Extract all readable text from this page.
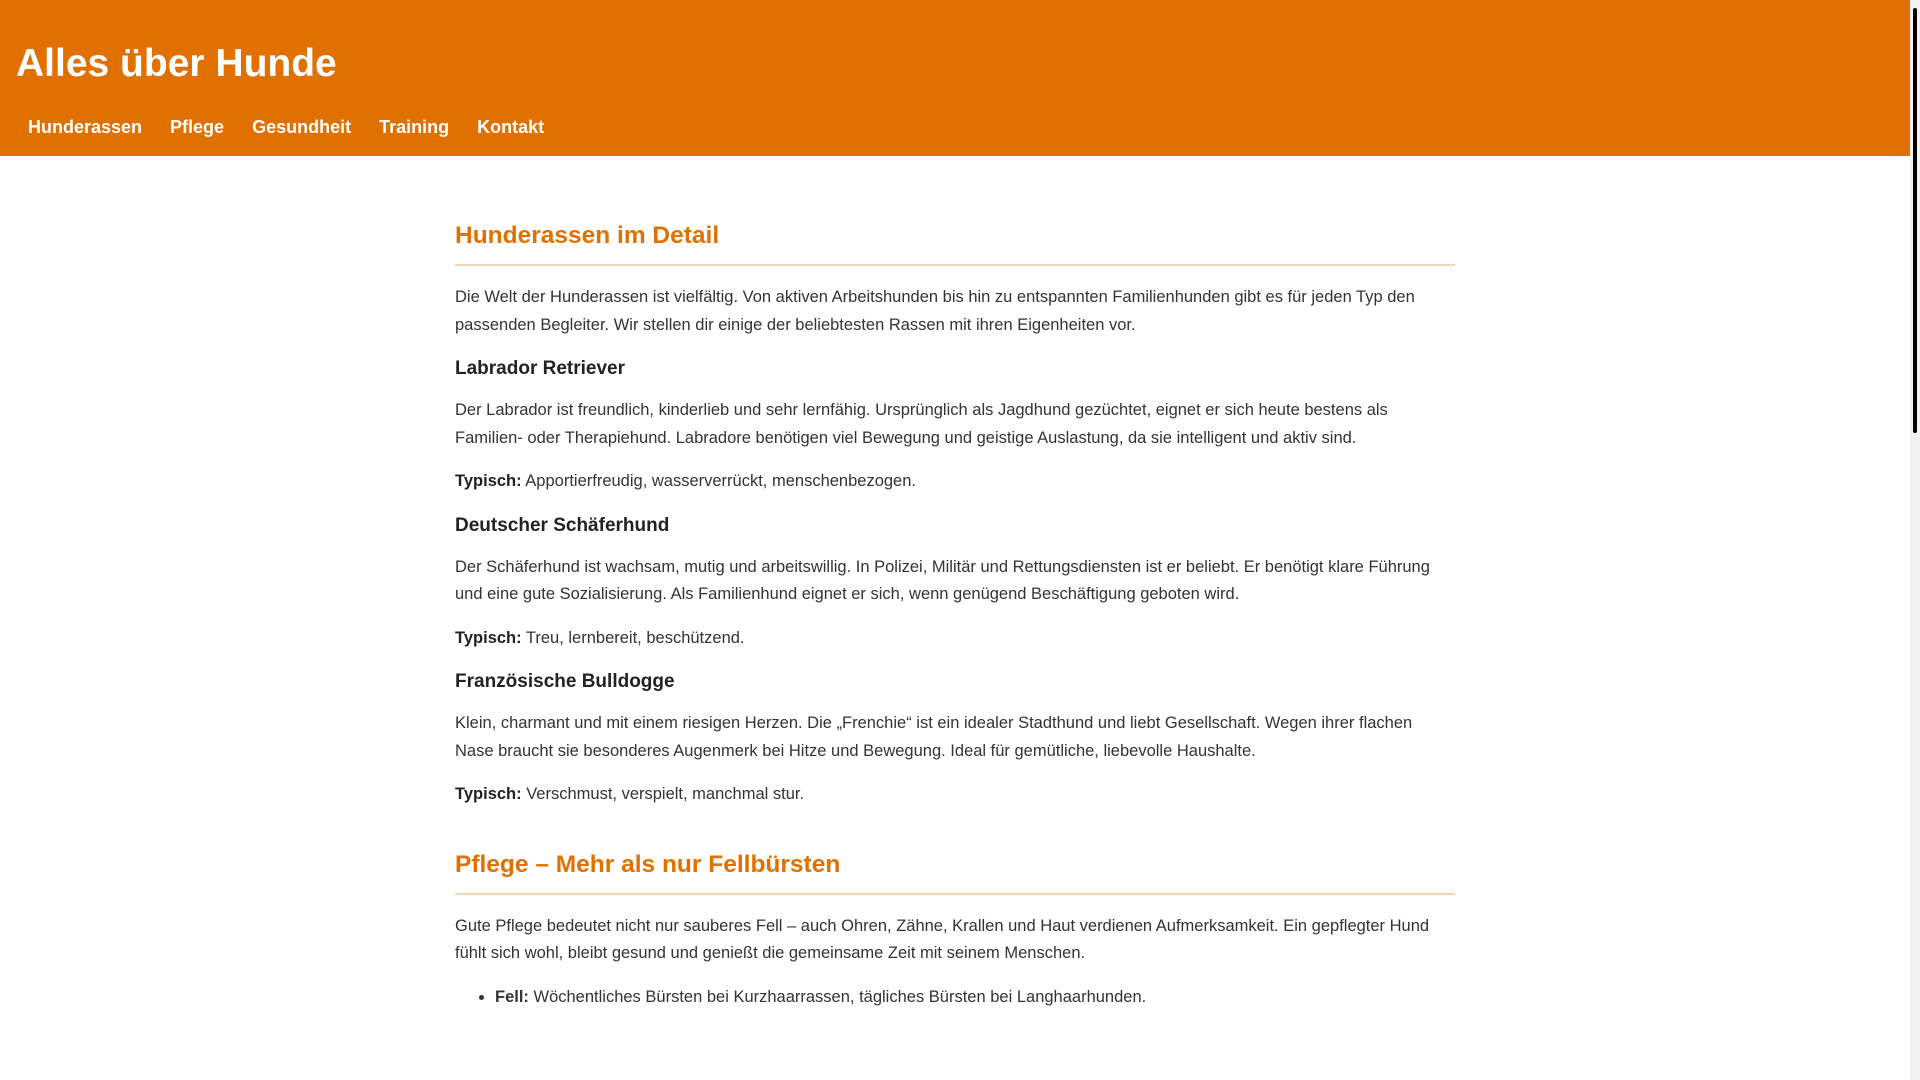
Alles über Hunde
Hunderassen Pflege Gesundheit Training Kontakt
Hunderassen im Detail

Die Welt der Hunderassen ist vielfältig. Von aktiven Arbeitshunden bis hin zu entspannten Familienhunden gibt es für jeden Typ den passenden Begleiter. Wir stellen dir einige der beliebtesten Rassen mit ihren Eigenheiten vor.

Labrador Retriever

Der Labrador ist freundlich, kinderlieb und sehr lernfähig. Ursprünglich als Jagdhund gezüchtet, eignet er sich heute bestens als Familien- oder Therapiehund. Labradore benötigen viel Bewegung und geistige Auslastung, da sie intelligent und aktiv sind.

Typisch: Apportierfreudig, wasserverrückt, menschenbezogen.

Deutscher Schäferhund

Der Schäferhund ist wachsam, mutig und arbeitswillig. In Polizei, Militär und Rettungsdiensten ist er beliebt. Er benötigt klare Führung und eine gute Sozialisierung. Als Familienhund eignet er sich, wenn genügend Beschäftigung geboten wird.

Typisch: Treu, lernbereit, beschützend.

Französische Bulldogge

Klein, charmant und mit einem riesigen Herzen. Die „Frenchie“ ist ein idealer Stadthund und liebt Gesellschaft. Wegen ihrer flachen Nase braucht sie besonderes Augenmerk bei Hitze und Bewegung. Ideal für gemütliche, liebevolle Haushalte.

Typisch: Verschmust, verspielt, manchmal stur.

Pflege – Mehr als nur Fellbürsten

Gute Pflege bedeutet nicht nur sauberes Fell – auch Ohren, Zähne, Krallen und Haut verdienen Aufmerksamkeit. Ein gepflegter Hund fühlt sich wohl, bleibt gesund und genießt die gemeinsame Zeit mit seinem Menschen.

• Fell: Wöchentliches Bürsten bei Kurzhaarrassen, tägliches Bürsten bei Langhaarhunden.
